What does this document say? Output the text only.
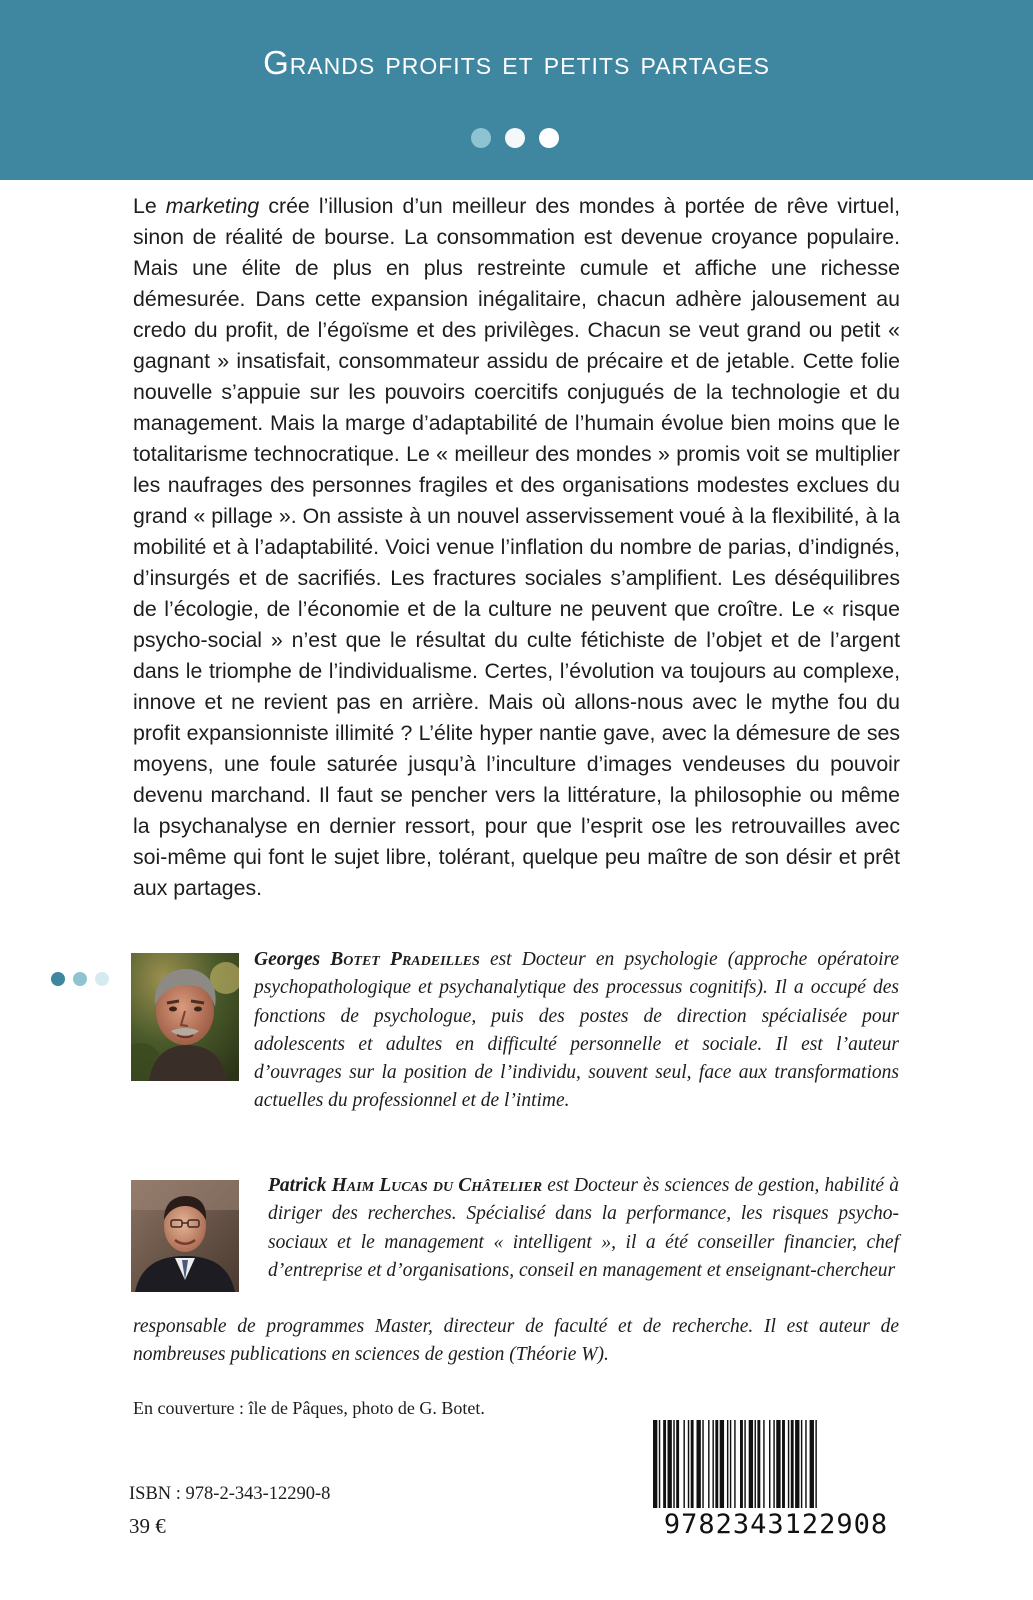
Grands profits et petits partages

Le marketing crée l’illusion d’un meilleur des mondes à portée de rêve virtuel, sinon de réalité de bourse. La consommation est devenue croyance populaire. Mais une élite de plus en plus restreinte cumule et affiche une richesse démesurée. Dans cette expansion inégalitaire, chacun adhère jalousement au credo du profit, de l’égoïsme et des privilèges. Chacun se veut grand ou petit « gagnant » insatisfait, consommateur assidu de précaire et de jetable. Cette folie nouvelle s’appuie sur les pouvoirs coercitifs conjugués de la technologie et du management. Mais la marge d’adaptabilité de l’humain évolue bien moins que le totalitarisme technocratique. Le « meilleur des mondes » promis voit se multiplier les naufrages des personnes fragiles et des organisations modestes exclues du grand « pillage ». On assiste à un nouvel asservissement voué à la flexibilité, à la mobilité et à l’adaptabilité. Voici venue l’inflation du nombre de parias, d’indignés, d’insurgés et de sacrifiés. Les fractures sociales s’amplifient. Les déséquilibres de l’écologie, de l’économie et de la culture ne peuvent que croître. Le « risque psycho-social » n’est que le résultat du culte fétichiste de l’objet et de l’argent dans le triomphe de l’individualisme. Certes, l’évolution va toujours au complexe, innove et ne revient pas en arrière. Mais où allons-nous avec le mythe fou du profit expansionniste illimité ? L’élite hyper nantie gave, avec la démesure de ses moyens, une foule saturée jusqu’à l’inculture d’images vendeuses du pouvoir devenu marchand. Il faut se pencher vers la littérature, la philosophie ou même la psychanalyse en dernier ressort, pour que l’esprit ose les retrouvailles avec soi-même qui font le sujet libre, tolérant, quelque peu maître de son désir et prêt aux partages.

Georges Botet Pradeilles est Docteur en psychologie (approche opératoire psychopathologique et psychanalytique des processus cognitifs). Il a occupé des fonctions de psychologue, puis des postes de direction spécialisée pour adolescents et adultes en difficulté personnelle et sociale. Il est l’auteur d’ouvrages sur la position de l’individu, souvent seul, face aux transformations actuelles du professionnel et de l’intime.

Patrick Haim Lucas du Châtelier est Docteur ès sciences de gestion, habilité à diriger des recherches. Spécialisé dans la performance, les risques psycho-sociaux et le management « intelligent », il a été conseiller financier, chef d’entreprise et d’organisations, conseil en management et enseignant-chercheur

responsable de programmes Master, directeur de faculté et de recherche. Il est auteur de nombreuses publications en sciences de gestion (Théorie W).

En couverture : île de Pâques, photo de G. Botet.
ISBN : 978-2-343-12290-8
39 €	9782343122908
